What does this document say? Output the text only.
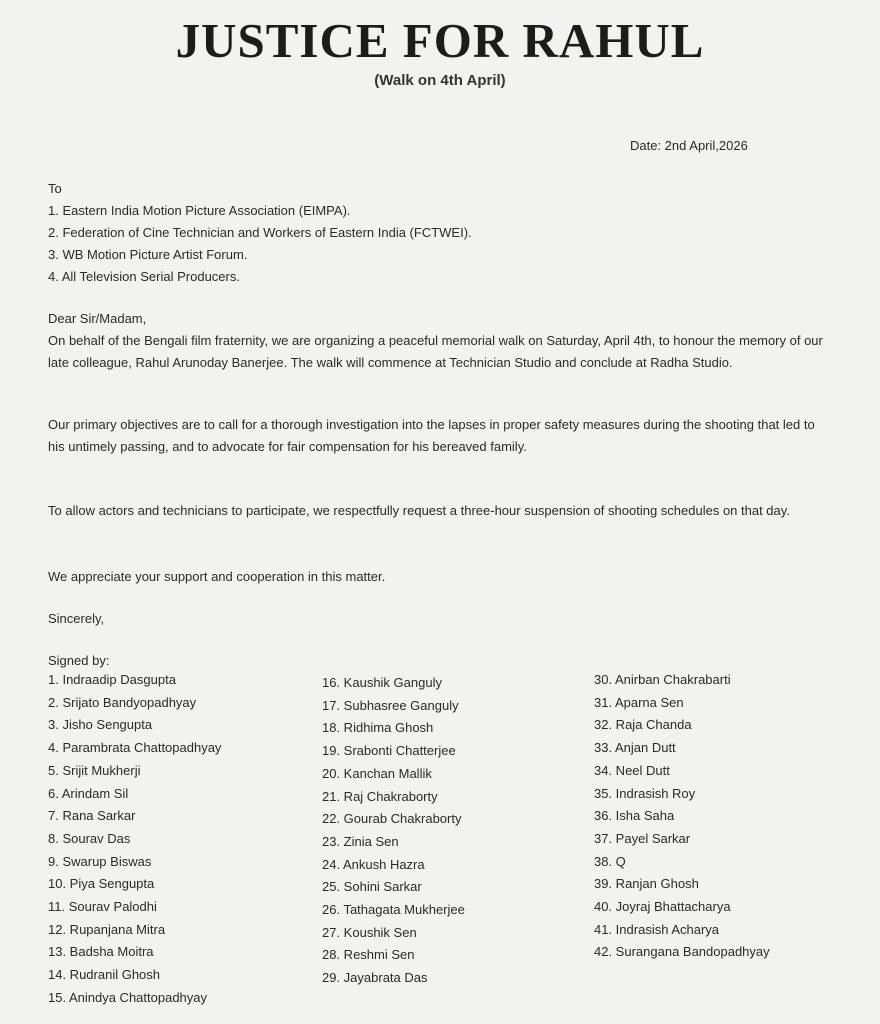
JUSTICE FOR RAHUL
(Walk on 4th April)
Date: 2nd April,2026
To
1. Eastern India Motion Picture Association (EIMPA).
2. Federation of Cine Technician and Workers of Eastern India (FCTWEI).
3. WB Motion Picture Artist Forum.
4. All Television Serial Producers.
Dear Sir/Madam,
On behalf of the Bengali film fraternity, we are organizing a peaceful memorial walk on Saturday, April 4th, to honour the memory of our late colleague, Rahul Arunoday Banerjee. The walk will commence at Technician Studio and conclude at Radha Studio.
Our primary objectives are to call for a thorough investigation into the lapses in proper safety measures during the shooting that led to his untimely passing, and to advocate for fair compensation for his bereaved family.
To allow actors and technicians to participate, we respectfully request a three-hour suspension of shooting schedules on that day.
We appreciate your support and cooperation in this matter.
Sincerely,
Signed by:
1. Indraadip Dasgupta
2. Srijato Bandyopadhyay
3. Jisho Sengupta
4. Parambrata Chattopadhyay
5. Srijit Mukherji
6. Arindam Sil
7. Rana Sarkar
8. Sourav Das
9. Swarup Biswas
10. Piya Sengupta
11. Sourav Palodhi
12. Rupanjana Mitra
13. Badsha Moitra
14. Rudranil Ghosh
15. Anindya Chattopadhyay
16. Kaushik Ganguly
17. Subhasree Ganguly
18. Ridhima Ghosh
19. Srabonti Chatterjee
20. Kanchan Mallik
21. Raj Chakraborty
22. Gourab Chakraborty
23. Zinia Sen
24. Ankush Hazra
25. Sohini Sarkar
26. Tathagata Mukherjee
27. Koushik Sen
28. Reshmi Sen
29. Jayabrata Das
30. Anirban Chakrabarti
31. Aparna Sen
32. Raja Chanda
33. Anjan Dutt
34. Neel Dutt
35. Indrasish Roy
36. Isha Saha
37. Payel Sarkar
38. Q
39. Ranjan Ghosh
40. Joyraj Bhattacharya
41. Indrasish Acharya
42. Surangana Bandopadhyay
